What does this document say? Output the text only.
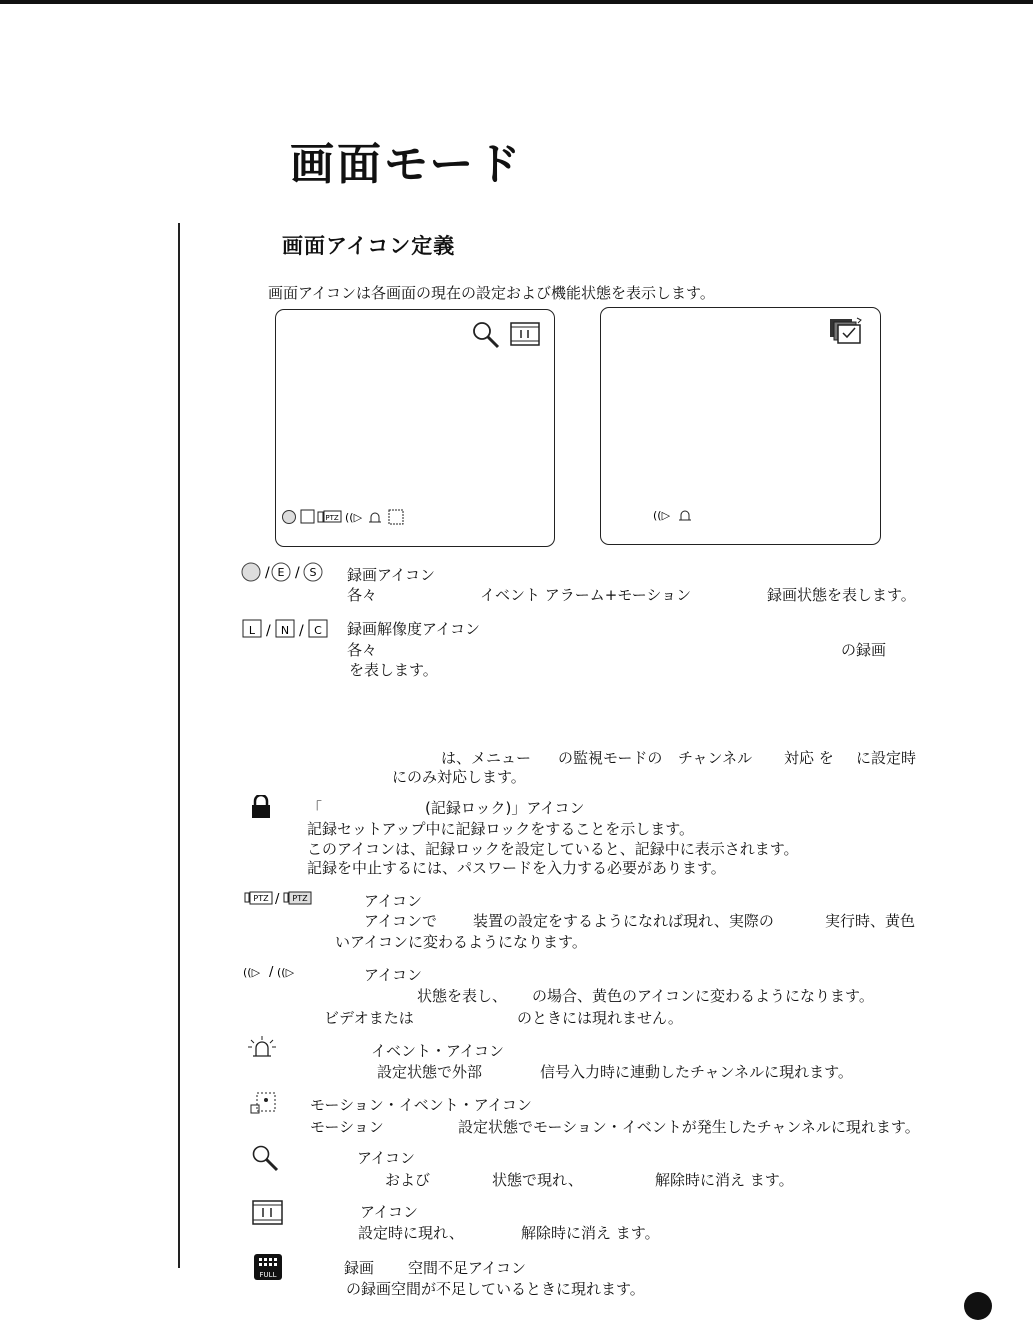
画面モード
画面アイコン定義
画面アイコンは各画面の現在の設定および機能状態を表示します。
PTZ ((▷	((▷
/ E / S 録画アイコン
各々	イベント アラーム+モーション	録画状態を表します。
L / N / C 録画解像度アイコン
各々	の録画
を表します。
は、メニュー の監視モードの チャンネル 対応 を に設定時
にのみ対応します。
「	(記録ロック)」アイコン
記録セットアップ中に記録ロックをすることを示します。
このアイコンは、記録ロックを設定していると、記録中に表示されます。
記録を中止するには、パスワードを入力する必要があります。
PTZ / PTZ	アイコン
アイコンで 装置の設定をするようになれば現れ、実際の	実行時、黄色
いアイコンに変わるようになります。
((▷ / ((▷	アイコン
状態を表し、 の場合、黄色のアイコンに変わるようになります。
ビデオまたは	のときには現れません。
イベント・アイコン
設定状態で外部	信号入力時に連動したチャンネルに現れます。
モーション・イベント・アイコン
モーション	設定状態でモーション・イベントが発生したチャンネルに現れます。
アイコン
および	状態で現れ、	解除時に消え ます。
アイコン
設定時に現れ、	解除時に消え ます。
FULL	録画 空間不足アイコン
の録画空間が不足しているときに現れます。
